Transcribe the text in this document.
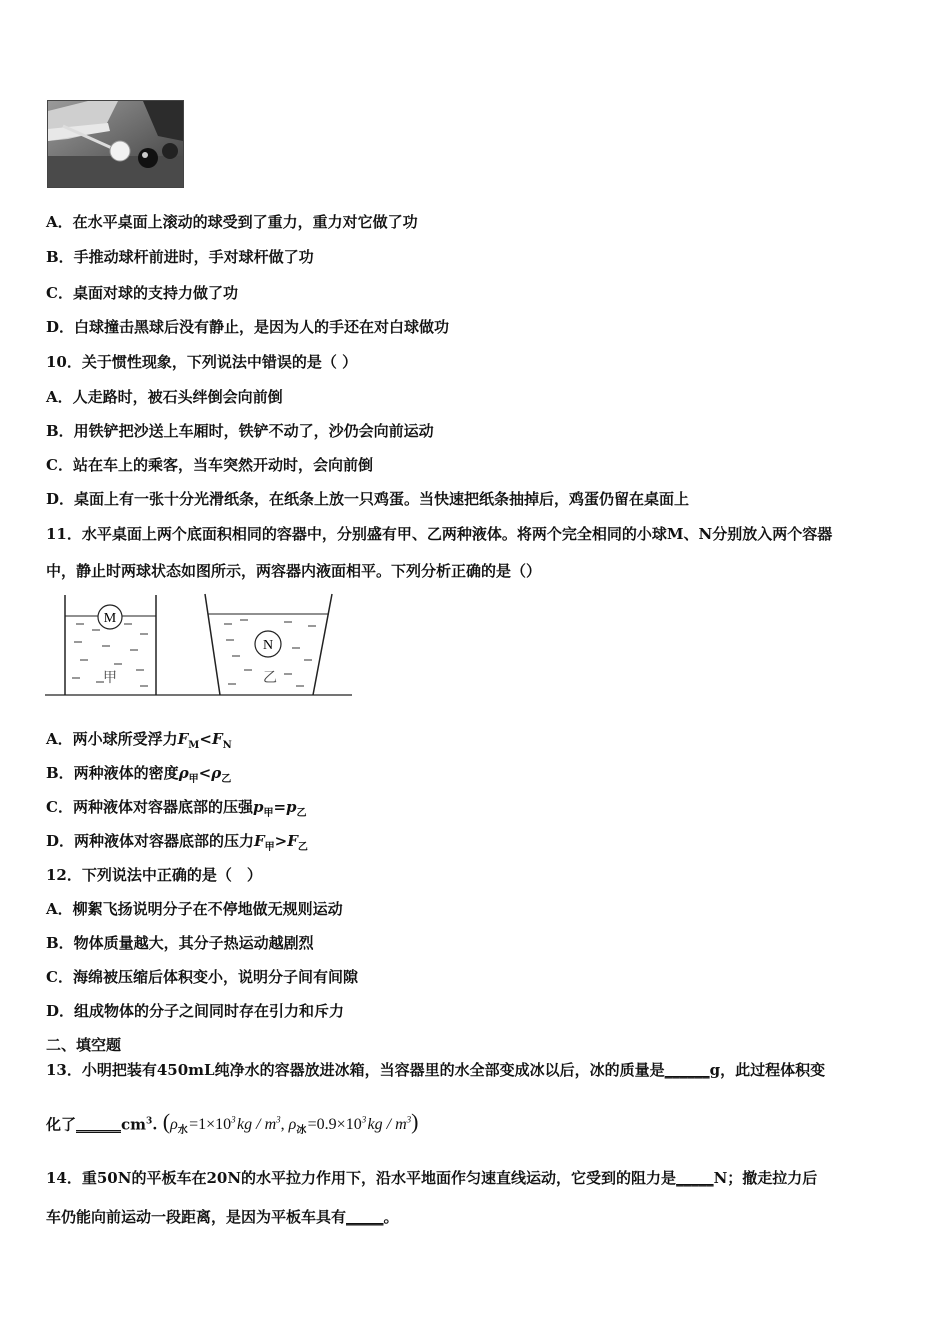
A．在水平桌面上滚动的球受到了重力，重力对它做了功
B．手推动球杆前进时，手对球杆做了功
C．桌面对球的支持力做了功
D．白球撞击黑球后没有静止，是因为人的手还在对白球做功
10．关于惯性现象，下列说法中错误的是（ ）
A．人走路时，被石头绊倒会向前倒
B．用铁铲把沙送上车厢时，铁铲不动了，沙仍会向前运动
C．站在车上的乘客，当车突然开动时，会向前倒
D．桌面上有一张十分光滑纸条，在纸条上放一只鸡蛋。当快速把纸条抽掉后，鸡蛋仍留在桌面上
11．水平桌面上两个底面积相同的容器中，分别盛有甲、乙两种液体。将两个完全相同的小球M、N分别放入两个容器
中，静止时两球状态如图所示，两容器内液面相平。下列分析正确的是（）
M
甲
N
乙
A．两小球所受浮力$F_M<F_N$
B．两种液体的密度$\rho_甲<\rho_乙$
C．两种液体对容器底部的压强$p_甲=p_乙$
D．两种液体对容器底部的压力$F_甲>F_乙$
12．下列说法中正确的是（　）
A．柳絮飞扬说明分子在不停地做无规则运动
B．物体质量越大，其分子热运动越剧烈
C．海绵被压缩后体积变小，说明分子间有间隙
D．组成物体的分子之间同时存在引力和斥力
二、填空题
13．小明把装有450mL纯净水的容器放进冰箱，当容器里的水全部变成冰以后，冰的质量是______g，此过程体积变
化了$\_\_\_\_\_\_cm^3$. ($\rho_水$ $=1\times 10^3$ kg / $m^3$, $\rho_冰$ $=0.9\times 10^3$ kg / $m^3$)
14．重50N的平板车在20N的水平拉力作用下，沿水平地面作匀速直线运动，它受到的阻力是_____N；撤走拉力后
车仍能向前运动一段距离，是因为平板车具有_____。
